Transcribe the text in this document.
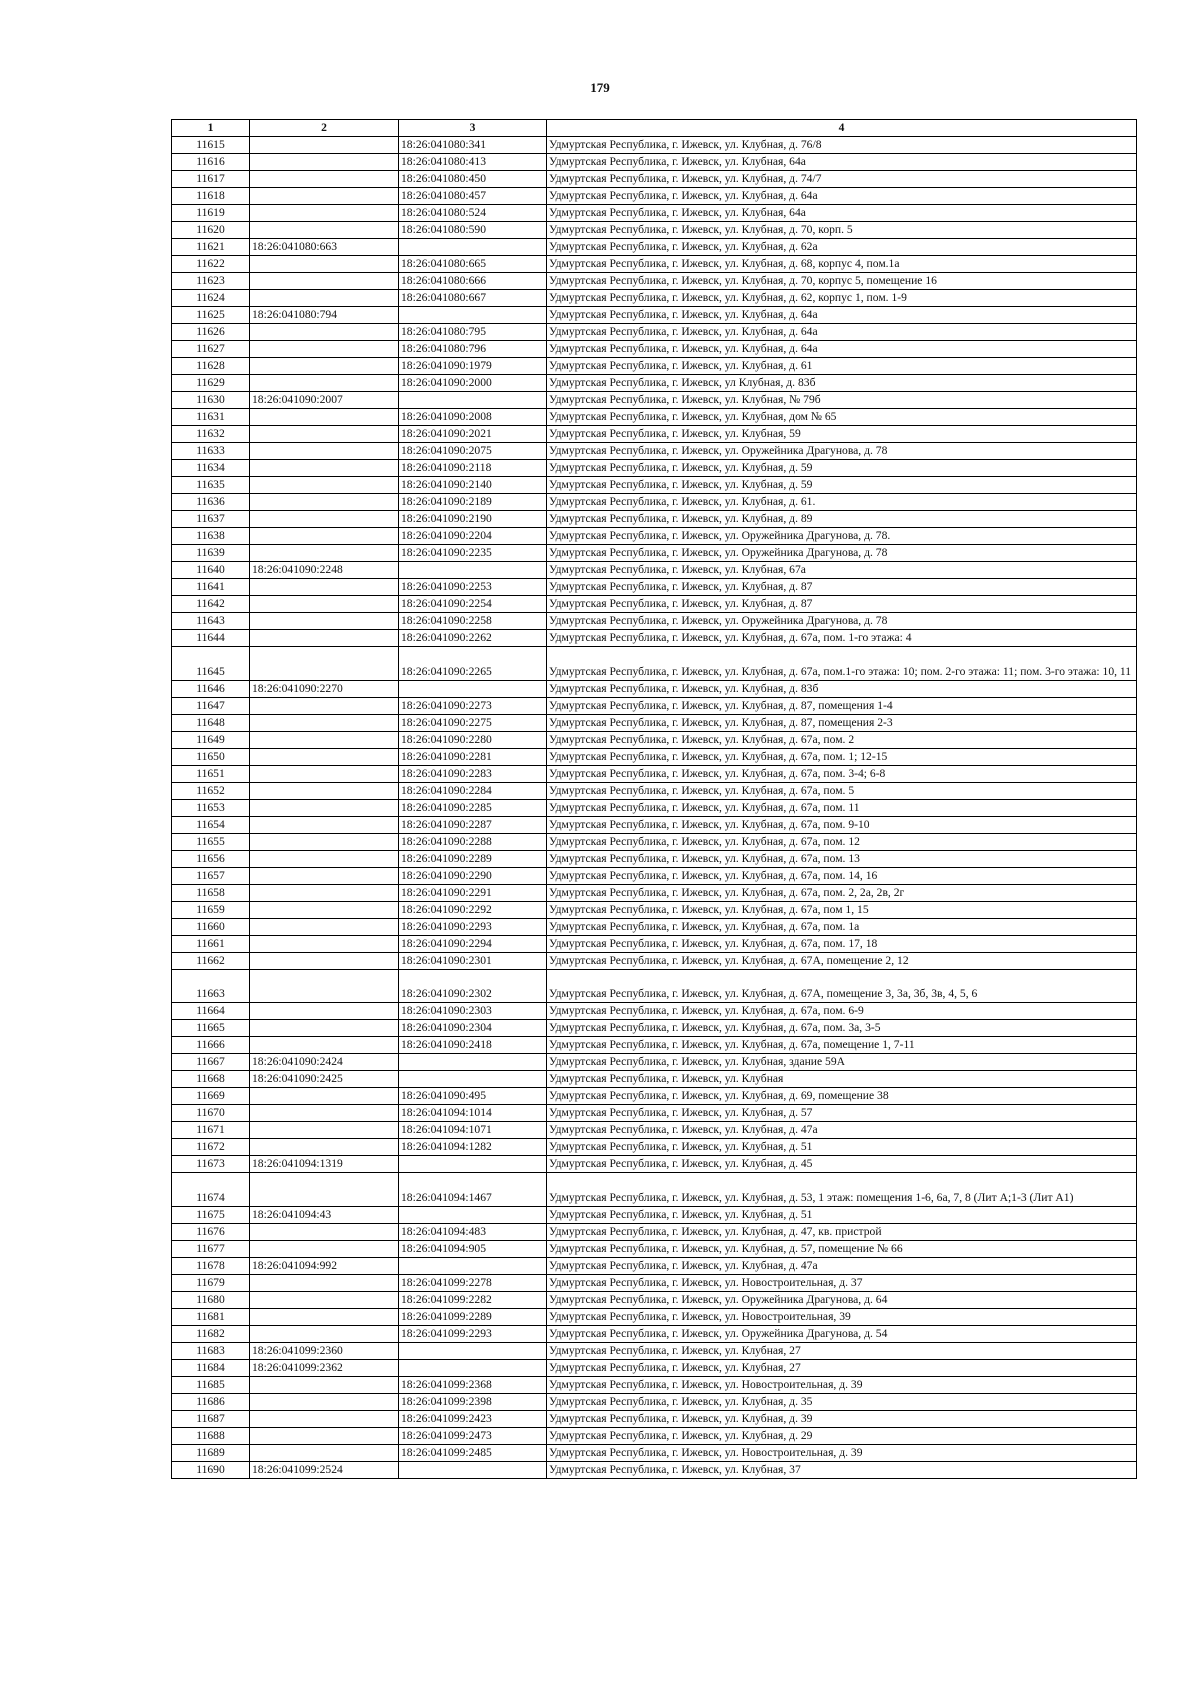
179
1	2	3	4
11615		18:26:041080:341	Удмуртская Республика, г. Ижевск, ул. Клубная, д. 76/8
11616		18:26:041080:413	Удмуртская Республика, г. Ижевск, ул. Клубная, 64а
11617		18:26:041080:450	Удмуртская Республика, г. Ижевск, ул. Клубная, д. 74/7
11618		18:26:041080:457	Удмуртская Республика, г. Ижевск, ул. Клубная, д. 64а
11619		18:26:041080:524	Удмуртская Республика, г. Ижевск, ул. Клубная, 64а
11620		18:26:041080:590	Удмуртская Республика, г. Ижевск, ул. Клубная, д. 70, корп. 5
11621	18:26:041080:663		Удмуртская Республика, г. Ижевск, ул. Клубная, д. 62а
11622		18:26:041080:665	Удмуртская Республика, г. Ижевск, ул. Клубная, д. 68, корпус 4, пом.1а
11623		18:26:041080:666	Удмуртская Республика, г. Ижевск, ул. Клубная, д. 70, корпус 5, помещение 16
11624		18:26:041080:667	Удмуртская Республика, г. Ижевск, ул. Клубная, д. 62, корпус 1, пом. 1-9
11625	18:26:041080:794		Удмуртская Республика, г. Ижевск, ул. Клубная, д. 64а
11626		18:26:041080:795	Удмуртская Республика, г. Ижевск, ул. Клубная, д. 64а
11627		18:26:041080:796	Удмуртская Республика, г. Ижевск, ул. Клубная, д. 64а
11628		18:26:041090:1979	Удмуртская Республика, г. Ижевск, ул. Клубная, д. 61
11629		18:26:041090:2000	Удмуртская Республика, г. Ижевск, ул Клубная, д. 83б
11630	18:26:041090:2007		Удмуртская Республика, г. Ижевск, ул. Клубная, № 79б
11631		18:26:041090:2008	Удмуртская Республика, г. Ижевск, ул. Клубная, дом № 65
11632		18:26:041090:2021	Удмуртская Республика, г. Ижевск, ул. Клубная, 59
11633		18:26:041090:2075	Удмуртская Республика, г. Ижевск, ул. Оружейника Драгунова, д. 78
11634		18:26:041090:2118	Удмуртская Республика, г. Ижевск, ул. Клубная, д. 59
11635		18:26:041090:2140	Удмуртская Республика, г. Ижевск, ул. Клубная, д. 59
11636		18:26:041090:2189	Удмуртская Республика, г. Ижевск, ул. Клубная, д. 61.
11637		18:26:041090:2190	Удмуртская Республика, г. Ижевск, ул. Клубная, д. 89
11638		18:26:041090:2204	Удмуртская Республика, г. Ижевск, ул. Оружейника Драгунова, д. 78.
11639		18:26:041090:2235	Удмуртская Республика, г. Ижевск, ул. Оружейника Драгунова, д. 78
11640	18:26:041090:2248		Удмуртская Республика, г. Ижевск, ул. Клубная, 67а
11641		18:26:041090:2253	Удмуртская Республика, г. Ижевск, ул. Клубная, д. 87
11642		18:26:041090:2254	Удмуртская Республика, г. Ижевск, ул. Клубная, д. 87
11643		18:26:041090:2258	Удмуртская Республика, г. Ижевск, ул. Оружейника Драгунова, д. 78
11644		18:26:041090:2262	Удмуртская Республика, г. Ижевск, ул. Клубная, д. 67а, пом. 1-го этажа: 4
11645		18:26:041090:2265	Удмуртская Республика, г. Ижевск, ул. Клубная, д. 67а, пом.1-го этажа: 10; пом. 2-го этажа: 11; пом. 3-го этажа: 10, 11
11646	18:26:041090:2270		Удмуртская Республика, г. Ижевск, ул. Клубная, д. 83б
11647		18:26:041090:2273	Удмуртская Республика, г. Ижевск, ул. Клубная, д. 87, помещения 1-4
11648		18:26:041090:2275	Удмуртская Республика, г. Ижевск, ул. Клубная, д. 87, помещения 2-3
11649		18:26:041090:2280	Удмуртская Республика, г. Ижевск, ул. Клубная, д. 67а, пом. 2
11650		18:26:041090:2281	Удмуртская Республика, г. Ижевск, ул. Клубная, д. 67а, пом. 1; 12-15
11651		18:26:041090:2283	Удмуртская Республика, г. Ижевск, ул. Клубная, д. 67а, пом. 3-4; 6-8
11652		18:26:041090:2284	Удмуртская Республика, г. Ижевск, ул. Клубная, д. 67а, пом. 5
11653		18:26:041090:2285	Удмуртская Республика, г. Ижевск, ул. Клубная, д. 67а, пом. 11
11654		18:26:041090:2287	Удмуртская Республика, г. Ижевск, ул. Клубная, д. 67а, пом. 9-10
11655		18:26:041090:2288	Удмуртская Республика, г. Ижевск, ул. Клубная, д. 67а, пом. 12
11656		18:26:041090:2289	Удмуртская Республика, г. Ижевск, ул. Клубная, д. 67а, пом. 13
11657		18:26:041090:2290	Удмуртская Республика, г. Ижевск, ул. Клубная, д. 67а, пом. 14, 16
11658		18:26:041090:2291	Удмуртская Республика, г. Ижевск, ул. Клубная, д. 67а, пом. 2, 2а, 2в, 2г
11659		18:26:041090:2292	Удмуртская Республика, г. Ижевск, ул. Клубная, д. 67а, пом 1, 15
11660		18:26:041090:2293	Удмуртская Республика, г. Ижевск, ул. Клубная, д. 67а, пом. 1а
11661		18:26:041090:2294	Удмуртская Республика, г. Ижевск, ул. Клубная, д. 67а, пом. 17, 18
11662		18:26:041090:2301	Удмуртская Республика, г. Ижевск, ул. Клубная, д. 67А, помещение 2, 12
11663		18:26:041090:2302	Удмуртская Республика, г. Ижевск, ул. Клубная, д. 67А, помещение 3, 3а, 3б, 3в, 4, 5, 6
11664		18:26:041090:2303	Удмуртская Республика, г. Ижевск, ул. Клубная, д. 67а, пом. 6-9
11665		18:26:041090:2304	Удмуртская Республика, г. Ижевск, ул. Клубная, д. 67а, пом. 3а, 3-5
11666		18:26:041090:2418	Удмуртская Республика, г. Ижевск, ул. Клубная, д. 67а, помещение 1, 7-11
11667	18:26:041090:2424		Удмуртская Республика, г. Ижевск, ул. Клубная, здание 59А
11668	18:26:041090:2425		Удмуртская Республика, г. Ижевск, ул. Клубная
11669		18:26:041090:495	Удмуртская Республика, г. Ижевск, ул. Клубная, д. 69, помещение 38
11670		18:26:041094:1014	Удмуртская Республика, г. Ижевск, ул. Клубная, д. 57
11671		18:26:041094:1071	Удмуртская Республика, г. Ижевск, ул. Клубная, д. 47а
11672		18:26:041094:1282	Удмуртская Республика, г. Ижевск, ул. Клубная, д. 51
11673	18:26:041094:1319		Удмуртская Республика, г. Ижевск, ул. Клубная, д. 45
11674		18:26:041094:1467	Удмуртская Республика, г. Ижевск, ул. Клубная, д. 53, 1 этаж: помещения 1-6, 6а, 7, 8 (Лит А;1-3 (Лит А1)
11675	18:26:041094:43		Удмуртская Республика, г. Ижевск, ул. Клубная, д. 51
11676		18:26:041094:483	Удмуртская Республика, г. Ижевск, ул. Клубная, д. 47, кв. пристрой
11677		18:26:041094:905	Удмуртская Республика, г. Ижевск, ул. Клубная, д. 57, помещение № 66
11678	18:26:041094:992		Удмуртская Республика, г. Ижевск, ул. Клубная, д. 47а
11679		18:26:041099:2278	Удмуртская Республика, г. Ижевск, ул. Новостроительная, д. 37
11680		18:26:041099:2282	Удмуртская Республика, г. Ижевск, ул. Оружейника Драгунова, д. 64
11681		18:26:041099:2289	Удмуртская Республика, г. Ижевск, ул. Новостроительная, 39
11682		18:26:041099:2293	Удмуртская Республика, г. Ижевск, ул. Оружейника Драгунова, д. 54
11683	18:26:041099:2360		Удмуртская Республика, г. Ижевск, ул. Клубная, 27
11684	18:26:041099:2362		Удмуртская Республика, г. Ижевск, ул. Клубная, 27
11685		18:26:041099:2368	Удмуртская Республика, г. Ижевск, ул. Новостроительная, д. 39
11686		18:26:041099:2398	Удмуртская Республика, г. Ижевск, ул. Клубная, д. 35
11687		18:26:041099:2423	Удмуртская Республика, г. Ижевск, ул. Клубная, д. 39
11688		18:26:041099:2473	Удмуртская Республика, г. Ижевск, ул. Клубная, д. 29
11689		18:26:041099:2485	Удмуртская Республика, г. Ижевск, ул. Новостроительная, д. 39
11690	18:26:041099:2524		Удмуртская Республика, г. Ижевск, ул. Клубная, 37
